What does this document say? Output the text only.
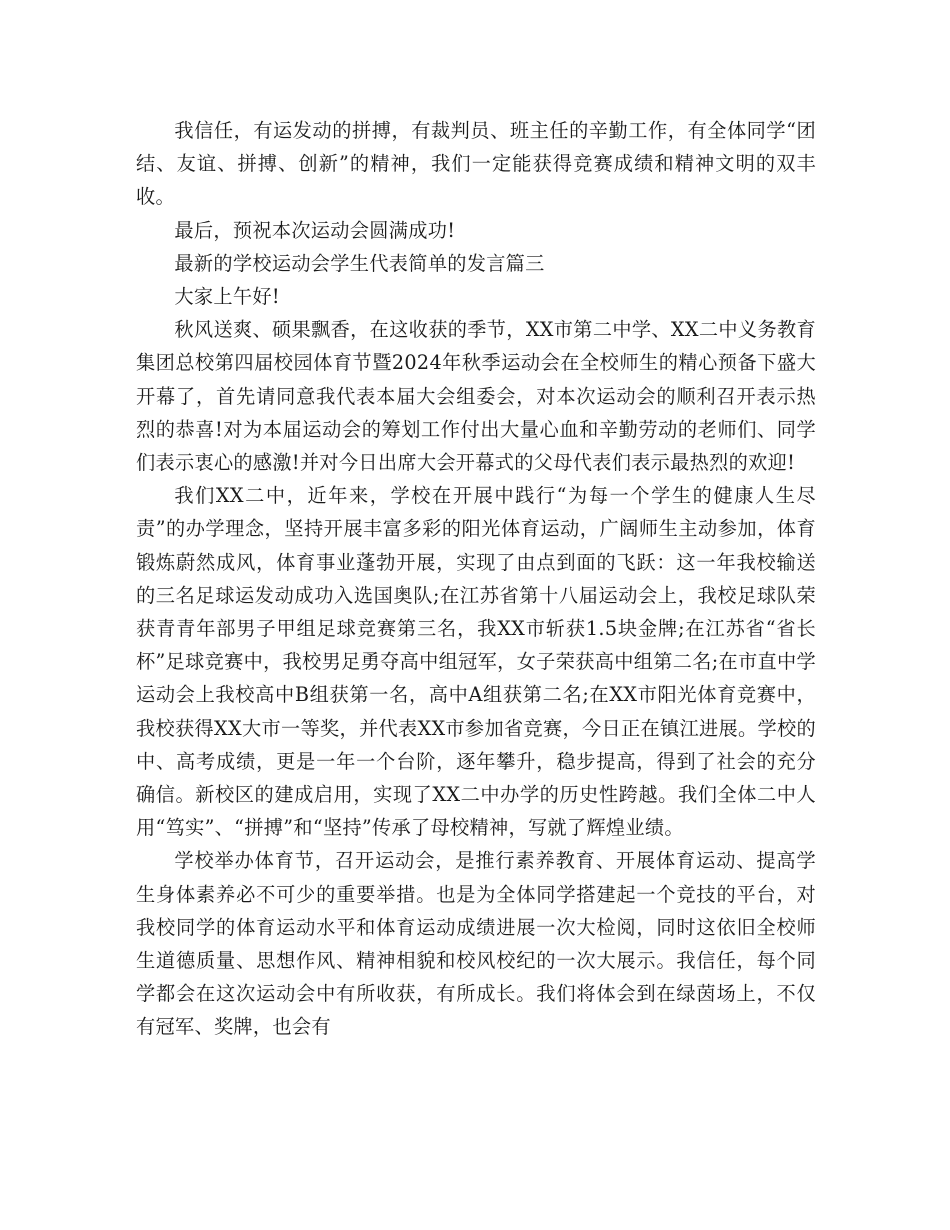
我信任，有运发动的拼搏，有裁判员、班主任的辛勤工作，有全体同学“团结、友谊、拼搏、创新”的精神，我们一定能获得竞赛成绩和精神文明的双丰收。

最后，预祝本次运动会圆满成功!

最新的学校运动会学生代表简单的发言篇三

大家上午好!

秋风送爽、硕果飘香，在这收获的季节，XX市第二中学、XX二中义务教育集团总校第四届校园体育节暨2024年秋季运动会在全校师生的精心预备下盛大开幕了，首先请同意我代表本届大会组委会，对本次运动会的顺利召开表示热烈的恭喜!对为本届运动会的筹划工作付出大量心血和辛勤劳动的老师们、同学们表示衷心的感激!并对今日出席大会开幕式的父母代表们表示最热烈的欢迎!

我们XX二中，近年来，学校在开展中践行“为每一个学生的健康人生尽责”的办学理念，坚持开展丰富多彩的阳光体育运动，广阔师生主动参加，体育锻炼蔚然成风，体育事业蓬勃开展，实现了由点到面的飞跃：这一年我校输送的三名足球运发动成功入选国奥队;在江苏省第十八届运动会上，我校足球队荣获青青年部男子甲组足球竞赛第三名，我XX市斩获1.5块金牌;在江苏省“省长杯”足球竞赛中，我校男足勇夺高中组冠军，女子荣获高中组第二名;在市直中学运动会上我校高中B组获第一名，高中A组获第二名;在XX市阳光体育竞赛中，我校获得XX大市一等奖，并代表XX市参加省竞赛，今日正在镇江进展。学校的中、高考成绩，更是一年一个台阶，逐年攀升，稳步提高，得到了社会的充分确信。新校区的建成启用，实现了XX二中办学的历史性跨越。我们全体二中人用“笃实”、“拼搏”和“坚持”传承了母校精神，写就了辉煌业绩。

学校举办体育节，召开运动会，是推行素养教育、开展体育运动、提高学生身体素养必不可少的重要举措。也是为全体同学搭建起一个竞技的平台，对我校同学的体育运动水平和体育运动成绩进展一次大检阅，同时这依旧全校师生道德质量、思想作风、精神相貌和校风校纪的一次大展示。我信任，每个同学都会在这次运动会中有所收获，有所成长。我们将体会到在绿茵场上，不仅有冠军、奖牌，也会有
